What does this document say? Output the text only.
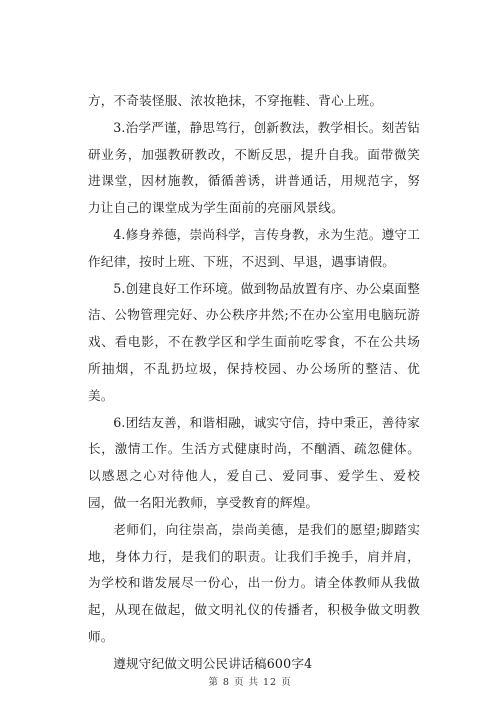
方，不奇装怪服、浓妆艳抹，不穿拖鞋、背心上班。

3.治学严谨，静思笃行，创新教法，教学相长。刻苦钻研业务，加强教研教改，不断反思，提升自我。面带微笑进课堂，因材施教，循循善诱，讲普通话，用规范字，努力让自己的课堂成为学生面前的亮丽风景线。

4.修身养德，崇尚科学，言传身教，永为生范。遵守工作纪律，按时上班、下班，不迟到、早退，遇事请假。

5.创建良好工作环境。做到物品放置有序、办公桌面整洁、公物管理完好、办公秩序井然;不在办公室用电脑玩游戏、看电影，不在教学区和学生面前吃零食，不在公共场所抽烟，不乱扔垃圾，保持校园、办公场所的整洁、优美。

6.团结友善，和谐相融，诚实守信，持中秉正，善待家长，激情工作。生活方式健康时尚，不酗酒、疏忽健体。以感恩之心对待他人，爱自己、爱同事、爱学生、爱校园，做一名阳光教师，享受教育的辉煌。

老师们，向往崇高，崇尚美德，是我们的愿望;脚踏实地，身体力行，是我们的职责。让我们手挽手，肩并肩，为学校和谐发展尽一份心，出一份力。请全体教师从我做起，从现在做起，做文明礼仪的传播者，积极争做文明教师。

遵规守纪做文明公民讲话稿600字4

第 8 页 共 12 页
